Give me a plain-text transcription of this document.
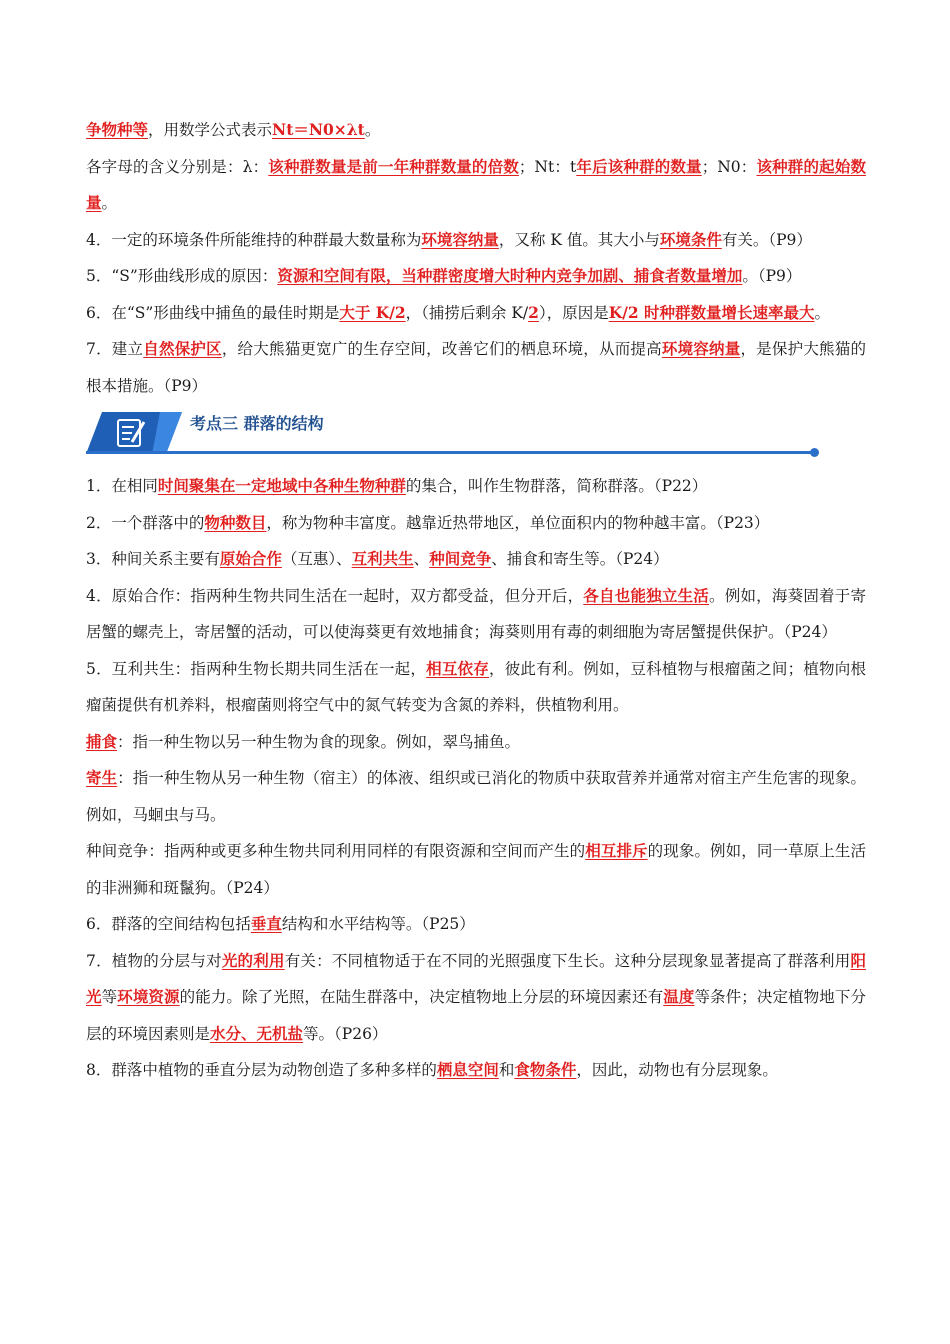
争物种等，用数学公式表示Nt＝N0×λt。

各字母的含义分别是：λ：该种群数量是前一年种群数量的倍数；Nt：t年后该种群的数量；N0：该种群的起始数量。

4．一定的环境条件所能维持的种群最大数量称为环境容纳量，又称 K 值。其大小与环境条件有关。（P9）

5．“S”形曲线形成的原因：资源和空间有限，当种群密度增大时种内竞争加剧、捕食者数量增加。（P9）

6．在“S”形曲线中捕鱼的最佳时期是大于 K/2，（捕捞后剩余 K/2），原因是K/2 时种群数量增长速率最大。

7．建立自然保护区，给大熊猫更宽广的生存空间，改善它们的栖息环境，从而提高环境容纳量，是保护大熊猫的根本措施。（P9）

考点三 群落的结构

1．在相同时间聚集在一定地域中各种生物种群的集合，叫作生物群落，简称群落。（P22）

2．一个群落中的物种数目，称为物种丰富度。越靠近热带地区，单位面积内的物种越丰富。（P23）

3．种间关系主要有原始合作（互惠）、互利共生、种间竞争、捕食和寄生等。（P24）

4．原始合作：指两种生物共同生活在一起时，双方都受益，但分开后，各自也能独立生活。例如，海葵固着于寄居蟹的螺壳上，寄居蟹的活动，可以使海葵更有效地捕食；海葵则用有毒的刺细胞为寄居蟹提供保护。（P24）

5．互利共生：指两种生物长期共同生活在一起，相互依存，彼此有利。例如，豆科植物与根瘤菌之间；植物向根瘤菌提供有机养料，根瘤菌则将空气中的氮气转变为含氮的养料，供植物利用。

捕食：指一种生物以另一种生物为食的现象。例如，翠鸟捕鱼。

寄生：指一种生物从另一种生物（宿主）的体液、组织或已消化的物质中获取营养并通常对宿主产生危害的现象。例如，马蛔虫与马。

种间竞争：指两种或更多种生物共同利用同样的有限资源和空间而产生的相互排斥的现象。例如，同一草原上生活的非洲狮和斑鬣狗。（P24）

6．群落的空间结构包括垂直结构和水平结构等。（P25）

7．植物的分层与对光的利用有关：不同植物适于在不同的光照强度下生长。这种分层现象显著提高了群落利用阳光等环境资源的能力。除了光照，在陆生群落中，决定植物地上分层的环境因素还有温度等条件；决定植物地下分层的环境因素则是水分、无机盐等。（P26）

8．群落中植物的垂直分层为动物创造了多种多样的栖息空间和食物条件，因此，动物也有分层现象。
